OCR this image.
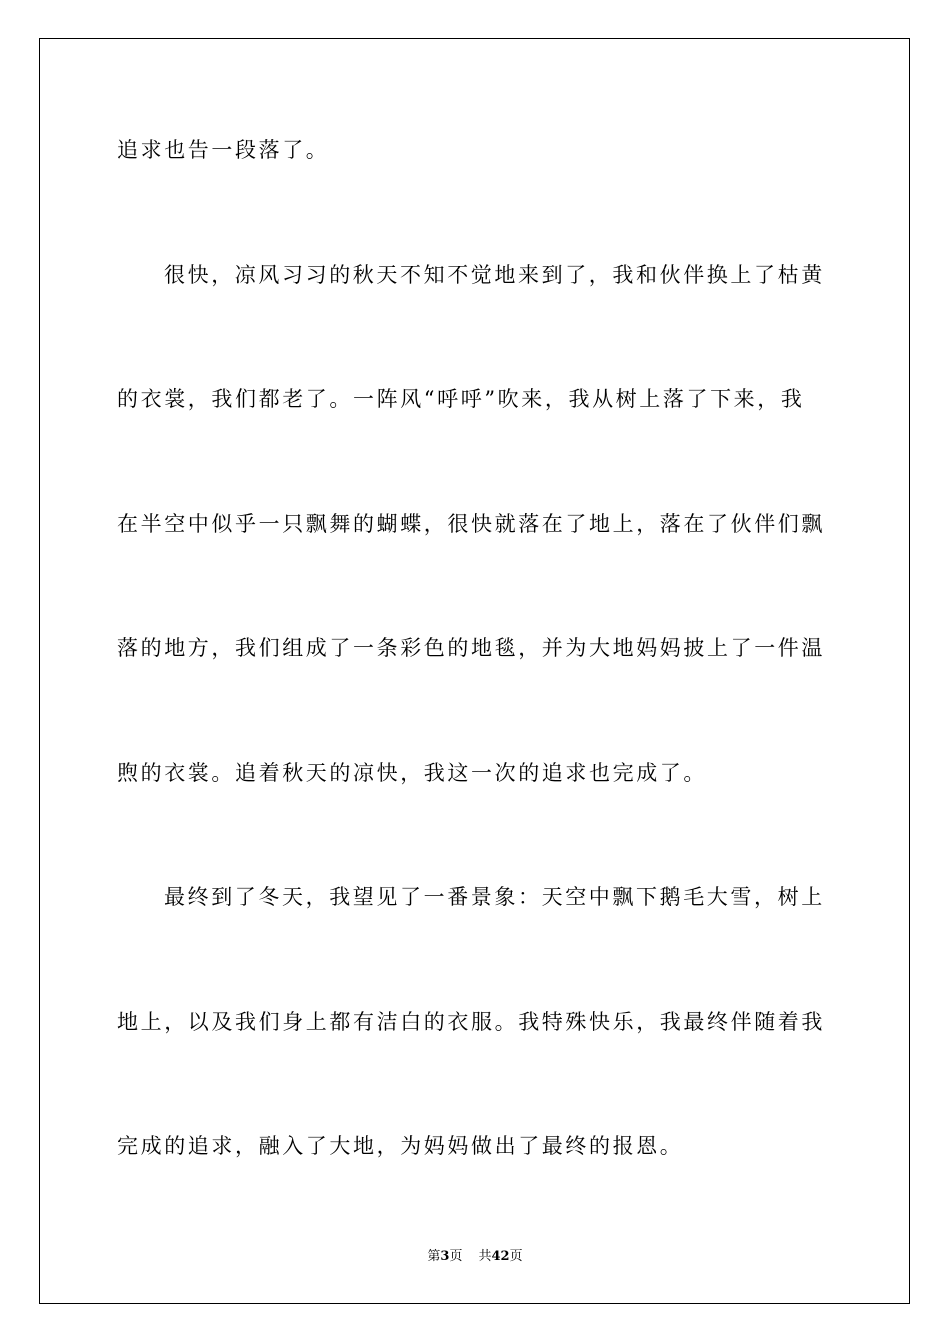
追求也告一段落了。
很快，凉风习习的秋天不知不觉地来到了，我和伙伴换上了枯黄
的衣裳，我们都老了。一阵风“呼呼”吹来，我从树上落了下来，我
在半空中似乎一只飘舞的蝴蝶，很快就落在了地上，落在了伙伴们飘
落的地方，我们组成了一条彩色的地毯，并为大地妈妈披上了一件温
煦的衣裳。追着秋天的凉快，我这一次的追求也完成了。
最终到了冬天，我望见了一番景象：天空中飘下鹅毛大雪，树上
地上，以及我们身上都有洁白的衣服。我特殊快乐，我最终伴随着我
完成的追求，融入了大地，为妈妈做出了最终的报恩。
第3页 共42页
